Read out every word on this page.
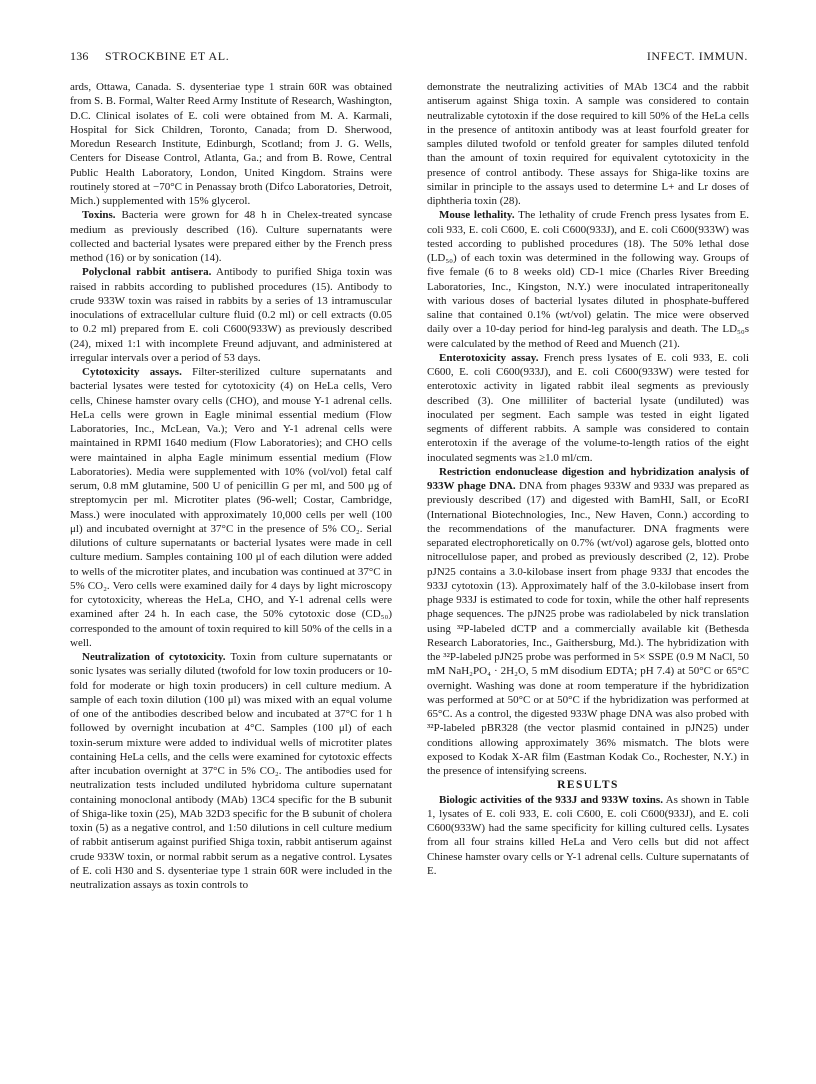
136 STROCKBINE ET AL.	INFECT. IMMUN.

ards, Ottawa, Canada. S. dysenteriae type 1 strain 60R was obtained from S. B. Formal, Walter Reed Army Institute of Research, Washington, D.C. Clinical isolates of E. coli were obtained from M. A. Karmali, Hospital for Sick Children, Toronto, Canada; from D. Sherwood, Moredun Research Institute, Edinburgh, Scotland; from J. G. Wells, Centers for Disease Control, Atlanta, Ga.; and from B. Rowe, Central Public Health Laboratory, London, United Kingdom. Strains were routinely stored at −70°C in Penassay broth (Difco Laboratories, Detroit, Mich.) supplemented with 15% glycerol.

Toxins. Bacteria were grown for 48 h in Chelex-treated syncase medium as previously described (16). Culture supernatants were collected and bacterial lysates were prepared either by the French press method (16) or by sonication (14).

Polyclonal rabbit antisera. Antibody to purified Shiga toxin was raised in rabbits according to published procedures (15). Antibody to crude 933W toxin was raised in rabbits by a series of 13 intramuscular inoculations of extracellular culture fluid (0.2 ml) or cell extracts (0.05 to 0.2 ml) prepared from E. coli C600(933W) as previously described (24), mixed 1:1 with incomplete Freund adjuvant, and administered at irregular intervals over a period of 53 days.

Cytotoxicity assays. Filter-sterilized culture supernatants and bacterial lysates were tested for cytotoxicity (4) on HeLa cells, Vero cells, Chinese hamster ovary cells (CHO), and mouse Y-1 adrenal cells. HeLa cells were grown in Eagle minimal essential medium (Flow Laboratories, Inc., McLean, Va.); Vero and Y-1 adrenal cells were maintained in RPMI 1640 medium (Flow Laboratories); and CHO cells were maintained in alpha Eagle minimum essential medium (Flow Laboratories). Media were supplemented with 10% (vol/vol) fetal calf serum, 0.8 mM glutamine, 500 U of penicillin G per ml, and 500 μg of streptomycin per ml. Microtiter plates (96-well; Costar, Cambridge, Mass.) were inoculated with approximately 10,000 cells per well (100 μl) and incubated overnight at 37°C in the presence of 5% CO₂. Serial dilutions of culture supernatants or bacterial lysates were made in cell culture medium. Samples containing 100 μl of each dilution were added to wells of the microtiter plates, and incubation was continued at 37°C in 5% CO₂. Vero cells were examined daily for 4 days by light microscopy for cytotoxicity, whereas the HeLa, CHO, and Y-1 adrenal cells were examined after 24 h. In each case, the 50% cytotoxic dose (CD₅₀) corresponded to the amount of toxin required to kill 50% of the cells in a well.

Neutralization of cytotoxicity. Toxin from culture supernatants or sonic lysates was serially diluted (twofold for low toxin producers or 10-fold for moderate or high toxin producers) in cell culture medium. A sample of each toxin dilution (100 μl) was mixed with an equal volume of one of the antibodies described below and incubated at 37°C for 1 h followed by overnight incubation at 4°C. Samples (100 μl) of each toxin-serum mixture were added to individual wells of microtiter plates containing HeLa cells, and the cells were examined for cytotoxic effects after incubation overnight at 37°C in 5% CO₂. The antibodies used for neutralization tests included undiluted hybridoma culture supernatant containing monoclonal antibody (MAb) 13C4 specific for the B subunit of Shiga-like toxin (25), MAb 32D3 specific for the B subunit of cholera toxin (5) as a negative control, and 1:50 dilutions in cell culture medium of rabbit antiserum against purified Shiga toxin, rabbit antiserum against crude 933W toxin, or normal rabbit serum as a negative control. Lysates of E. coli H30 and S. dysenteriae type 1 strain 60R were included in the neutralization assays as toxin controls to

demonstrate the neutralizing activities of MAb 13C4 and the rabbit antiserum against Shiga toxin. A sample was considered to contain neutralizable cytotoxin if the dose required to kill 50% of the HeLa cells in the presence of antitoxin antibody was at least fourfold greater for samples diluted twofold or tenfold greater for samples diluted tenfold than the amount of toxin required for equivalent cytotoxicity in the presence of control antibody. These assays for Shiga-like toxins are similar in principle to the assays used to determine L+ and Lr doses of diphtheria toxin (28).

Mouse lethality. The lethality of crude French press lysates from E. coli 933, E. coli C600, E. coli C600(933J), and E. coli C600(933W) was tested according to published procedures (18). The 50% lethal dose (LD₅₀) of each toxin was determined in the following way. Groups of five female (6 to 8 weeks old) CD-1 mice (Charles River Breeding Laboratories, Inc., Kingston, N.Y.) were inoculated intraperitoneally with various doses of bacterial lysates diluted in phosphate-buffered saline that contained 0.1% (wt/vol) gelatin. The mice were observed daily over a 10-day period for hind-leg paralysis and death. The LD₅₀s were calculated by the method of Reed and Muench (21).

Enterotoxicity assay. French press lysates of E. coli 933, E. coli C600, E. coli C600(933J), and E. coli C600(933W) were tested for enterotoxic activity in ligated rabbit ileal segments as previously described (3). One milliliter of bacterial lysate (undiluted) was inoculated per segment. Each sample was tested in eight ligated segments of different rabbits. A sample was considered to contain enterotoxin if the average of the volume-to-length ratios of the eight inoculated segments was ≥1.0 ml/cm.

Restriction endonuclease digestion and hybridization analysis of 933W phage DNA. DNA from phages 933W and 933J was prepared as previously described (17) and digested with BamHI, SalI, or EcoRI (International Biotechnologies, Inc., New Haven, Conn.) according to the recommendations of the manufacturer. DNA fragments were separated electrophoretically on 0.7% (wt/vol) agarose gels, blotted onto nitrocellulose paper, and probed as previously described (2, 12). Probe pJN25 contains a 3.0-kilobase insert from phage 933J that encodes the 933J cytotoxin (13). Approximately half of the 3.0-kilobase insert from phage 933J is estimated to code for toxin, while the other half represents phage sequences. The pJN25 probe was radiolabeled by nick translation using ³²P-labeled dCTP and a commercially available kit (Bethesda Research Laboratories, Inc., Gaithersburg, Md.). The hybridization with the ³²P-labeled pJN25 probe was performed in 5× SSPE (0.9 M NaCl, 50 mM NaH₂PO₄ · 2H₂O, 5 mM disodium EDTA; pH 7.4) at 50°C or 65°C overnight. Washing was done at room temperature if the hybridization was performed at 50°C or at 50°C if the hybridization was performed at 65°C. As a control, the digested 933W phage DNA was also probed with ³²P-labeled pBR328 (the vector plasmid contained in pJN25) under conditions allowing approximately 36% mismatch. The blots were exposed to Kodak X-AR film (Eastman Kodak Co., Rochester, N.Y.) in the presence of intensifying screens.

RESULTS

Biologic activities of the 933J and 933W toxins. As shown in Table 1, lysates of E. coli 933, E. coli C600, E. coli C600(933J), and E. coli C600(933W) had the same specificity for killing cultured cells. Lysates from all four strains killed HeLa and Vero cells but did not affect Chinese hamster ovary cells or Y-1 adrenal cells. Culture supernatants of E.
